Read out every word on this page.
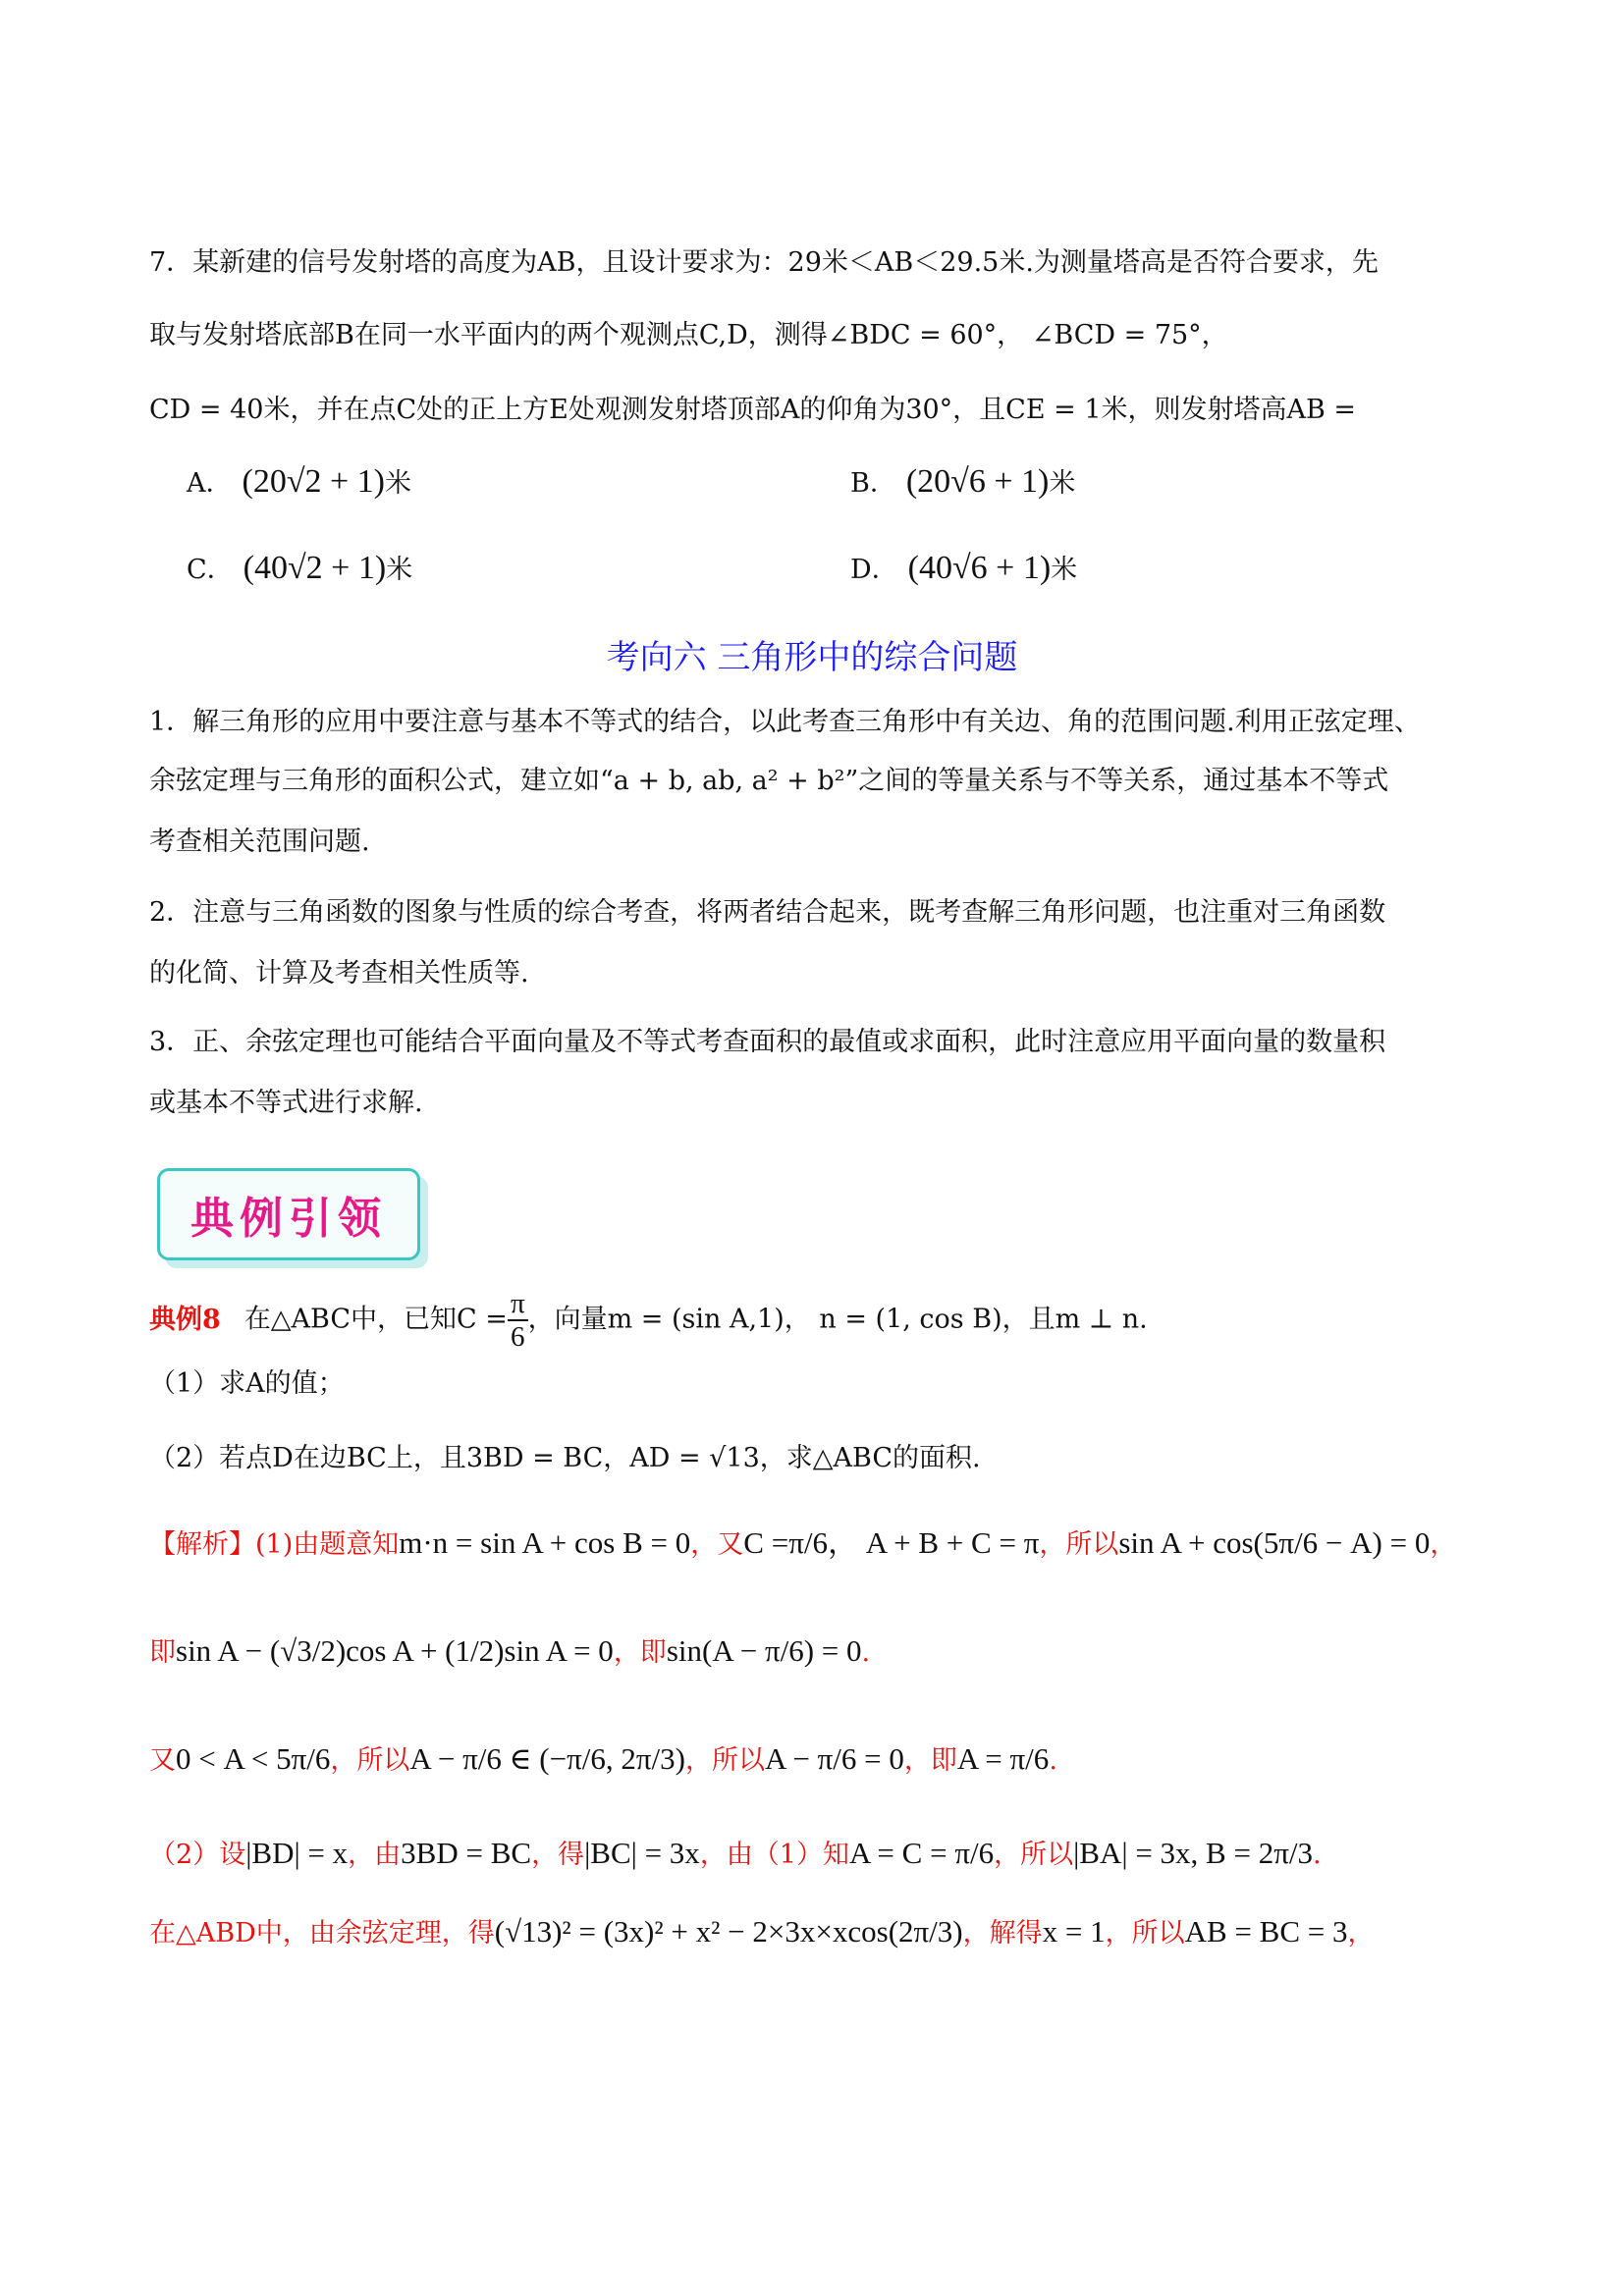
7．某新建的信号发射塔的高度为AB，且设计要求为：29米＜AB＜29.5米.为测量塔高是否符合要求，先
取与发射塔底部B在同一水平面内的两个观测点C,D，测得∠BDC = 60°， ∠BCD = 75°，
CD = 40米，并在点C处的正上方E处观测发射塔顶部A的仰角为30°，且CE = 1米，则发射塔高AB =
A． (20√2 + 1)米	B． (20√6 + 1)米
C． (40√2 + 1)米	D． (40√6 + 1)米
考向六 三角形中的综合问题
1．解三角形的应用中要注意与基本不等式的结合，以此考查三角形中有关边、角的范围问题.利用正弦定理、
余弦定理与三角形的面积公式，建立如“a + b, ab, a² + b²”之间的等量关系与不等关系，通过基本不等式
考查相关范围问题.
2．注意与三角函数的图象与性质的综合考查，将两者结合起来，既考查解三角形问题，也注重对三角函数
的化简、计算及考查相关性质等.
3．正、余弦定理也可能结合平面向量及不等式考查面积的最值或求面积，此时注意应用平面向量的数量积
或基本不等式进行求解.
典例引领
典例8 在△ABC中，已知$C = \frac{\pi}{6}$ ，向量m = (sin A,1)， n = (1, cos B)，且m ⊥ n.
（1）求A的值；
（2）若点D在边BC上，且3BD = BC，AD = √13，求△ABC的面积.
【解析】(1)由题意知m·n = sin A + cos B = 0，又C =π/6， A + B + C = π，所以sin A + cos(5π/6 − A) = 0，
即sin A − (√3/2)cos A + (1/2)sin A = 0，即sin(A − π/6) = 0.
又0 < A < 5π/6，所以A − π/6 ∈ (−π/6, 2π/3)，所以A − π/6 = 0，即A = π/6.
（2）设|BD| = x，由3BD = BC，得|BC| = 3x，由（1）知A = C = π/6，所以|BA| = 3x, B = 2π/3.
在△ABD中，由余弦定理，得(√13)² = (3x)² + x² − 2×3x×xcos(2π/3)，解得x = 1，所以AB = BC = 3，
